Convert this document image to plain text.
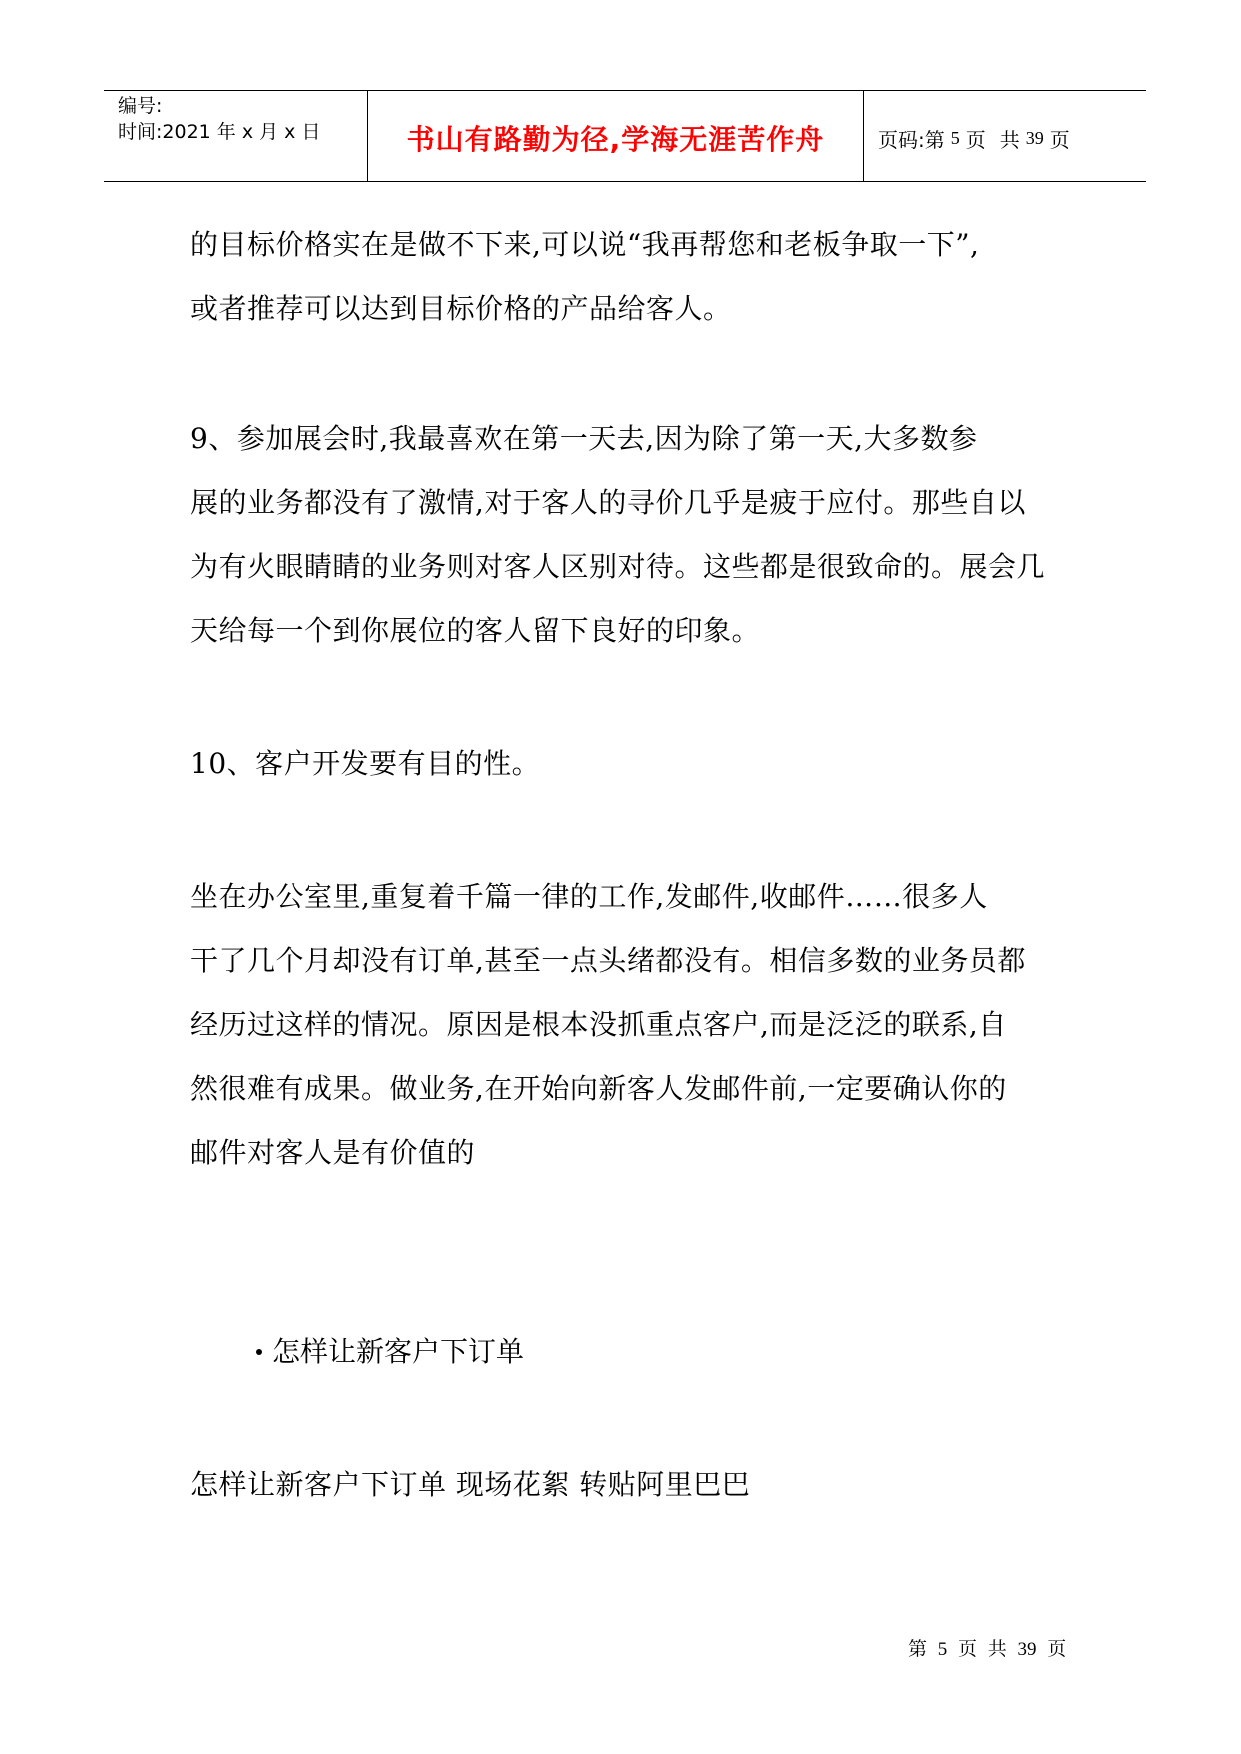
编号:
时间:2021 年 x 月 x 日	书山有路勤为径,学海无涯苦作舟	页码:第 5 页 共 39 页
的目标价格实在是做不下来,可以说“我再帮您和老板争取一下”,
或者推荐可以达到目标价格的产品给客人。
9、参加展会时,我最喜欢在第一天去,因为除了第一天,大多数参
展的业务都没有了激情,对于客人的寻价几乎是疲于应付。那些自以
为有火眼睛睛的业务则对客人区别对待。这些都是很致命的。展会几
天给每一个到你展位的客人留下良好的印象。
10、客户开发要有目的性。
坐在办公室里,重复着千篇一律的工作,发邮件,收邮件……很多人
干了几个月却没有订单,甚至一点头绪都没有。相信多数的业务员都
经历过这样的情况。原因是根本没抓重点客户,而是泛泛的联系,自
然很难有成果。做业务,在开始向新客人发邮件前,一定要确认你的
邮件对客人是有价值的
怎样让新客户下订单
怎样让新客户下订单 现场花絮 转贴阿里巴巴
第 5 页 共 39 页
